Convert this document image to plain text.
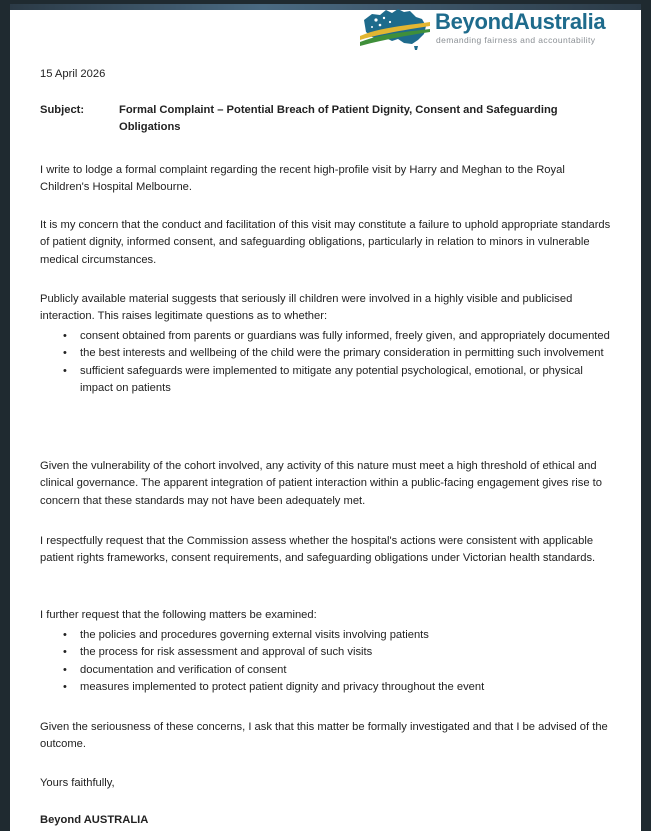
BeyondAustralia
demanding fairness and accountability
15 April 2026
Subject:	Formal Complaint – Potential Breach of Patient Dignity, Consent and Safeguarding Obligations

I write to lodge a formal complaint regarding the recent high-profile visit by Harry and Meghan to the Royal Children's Hospital Melbourne.

It is my concern that the conduct and facilitation of this visit may constitute a failure to uphold appropriate standards of patient dignity, informed consent, and safeguarding obligations, particularly in relation to minors in vulnerable medical circumstances.

Publicly available material suggests that seriously ill children were involved in a highly visible and publicised interaction. This raises legitimate questions as to whether:

• consent obtained from parents or guardians was fully informed, freely given, and appropriately documented
• the best interests and wellbeing of the child were the primary consideration in permitting such involvement
• sufficient safeguards were implemented to mitigate any potential psychological, emotional, or physical impact on patients

Given the vulnerability of the cohort involved, any activity of this nature must meet a high threshold of ethical and clinical governance. The apparent integration of patient interaction within a public-facing engagement gives rise to concern that these standards may not have been adequately met.

I respectfully request that the Commission assess whether the hospital's actions were consistent with applicable patient rights frameworks, consent requirements, and safeguarding obligations under Victorian health standards.

I further request that the following matters be examined:

• the policies and procedures governing external visits involving patients
• the process for risk assessment and approval of such visits
• documentation and verification of consent
• measures implemented to protect patient dignity and privacy throughout the event

Given the seriousness of these concerns, I ask that this matter be formally investigated and that I be advised of the outcome.

Yours faithfully,
Beyond AUSTRALIA
